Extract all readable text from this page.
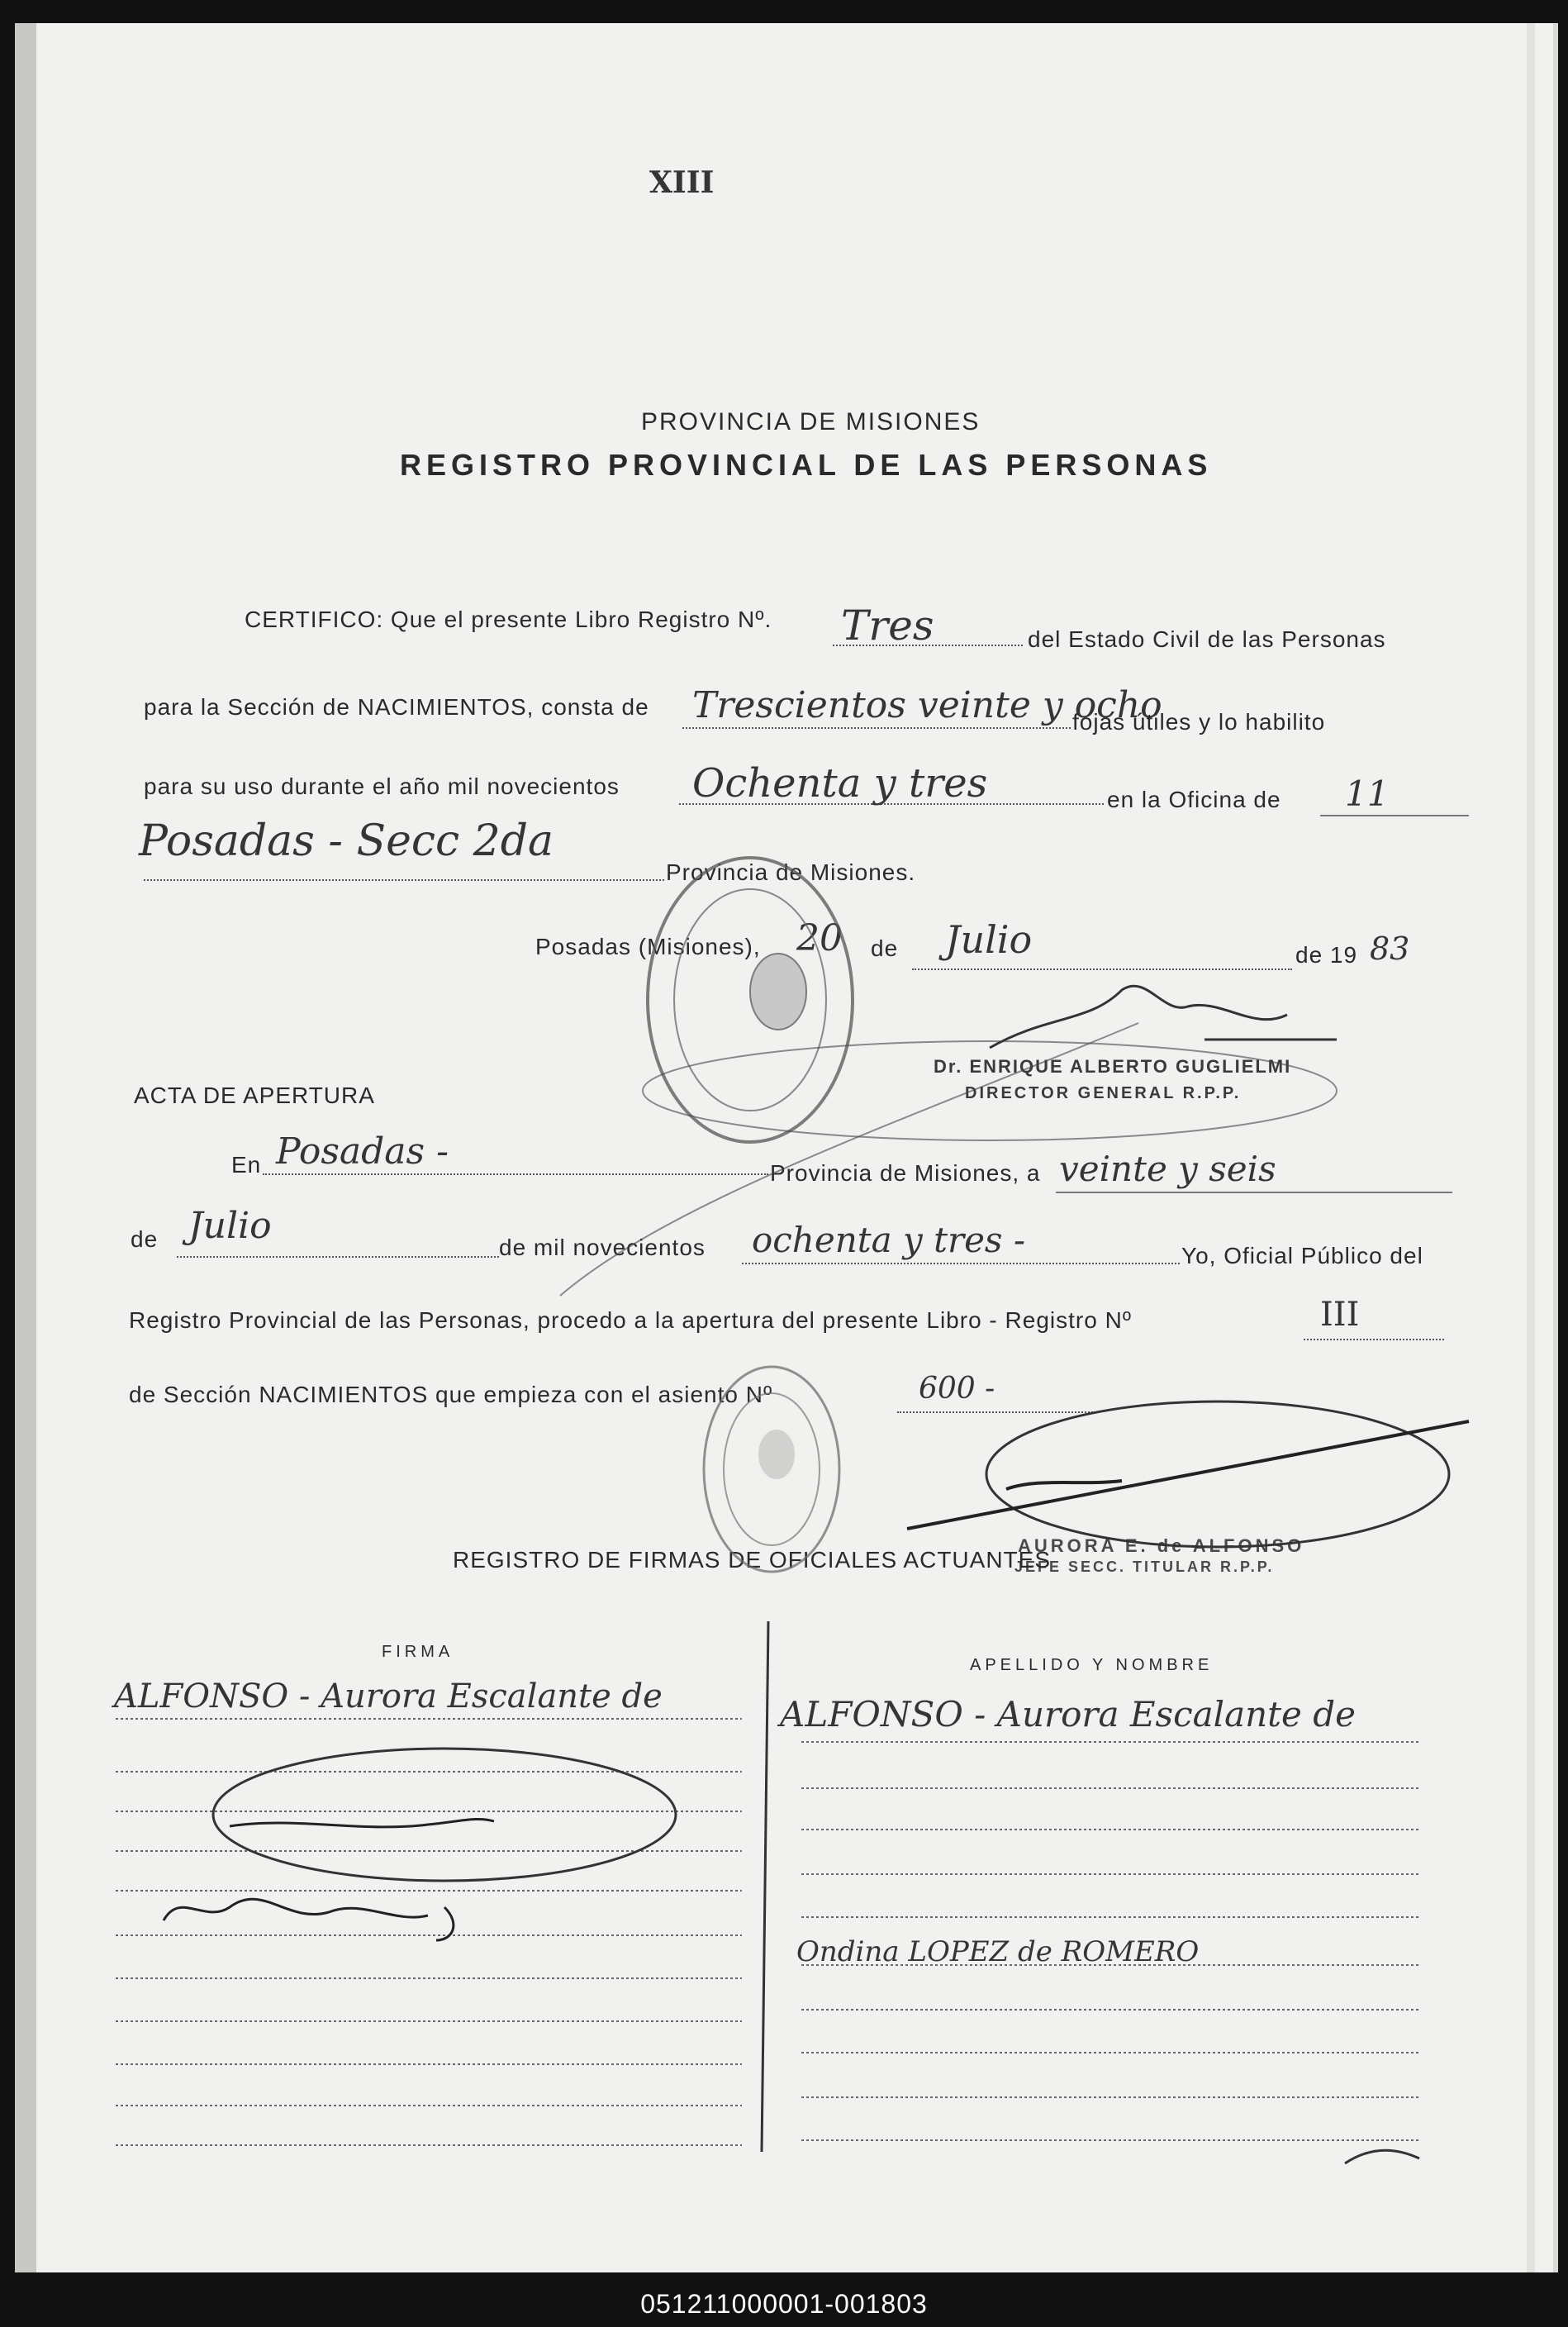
XIII
PROVINCIA DE MISIONES
REGISTRO PROVINCIAL DE LAS PERSONAS
CERTIFICO: Que el presente Libro Registro Nº. Tres	del Estado Civil de las Personas
para la Sección de NACIMIENTOS, consta de Trescientos veinte y ocho
fojas útiles y lo habilito
para su uso durante el año mil novecientos Ochenta y tres	en la Oficina de 11
Posadas - Secc 2da
Provincia de Misiones.
Posadas (Misiones), 20 de Julio	de 19 83
Dr. ENRIQUE ALBERTO GUGLIELMI
DIRECTOR GENERAL R.P.P.
ACTA DE APERTURA
En Posadas -
Provincia de Misiones, a veinte y seis
de Julio
de mil novecientos ochenta y tres -	Yo, Oficial Público del
Registro Provincial de las Personas, procedo a la apertura del presente Libro - Registro Nº	III
de Sección NACIMIENTOS que empieza con el asiento Nº	600 -
AURORA E. de ALFONSO
JEFE SECC. TITULAR R.P.P.
REGISTRO DE FIRMAS DE OFICIALES ACTUANTES
FIRMA
APELLIDO Y NOMBRE
ALFONSO - Aurora Escalante de	ALFONSO - Aurora Escalante de
Ondina LOPEZ de ROMERO
051211000001-001803
